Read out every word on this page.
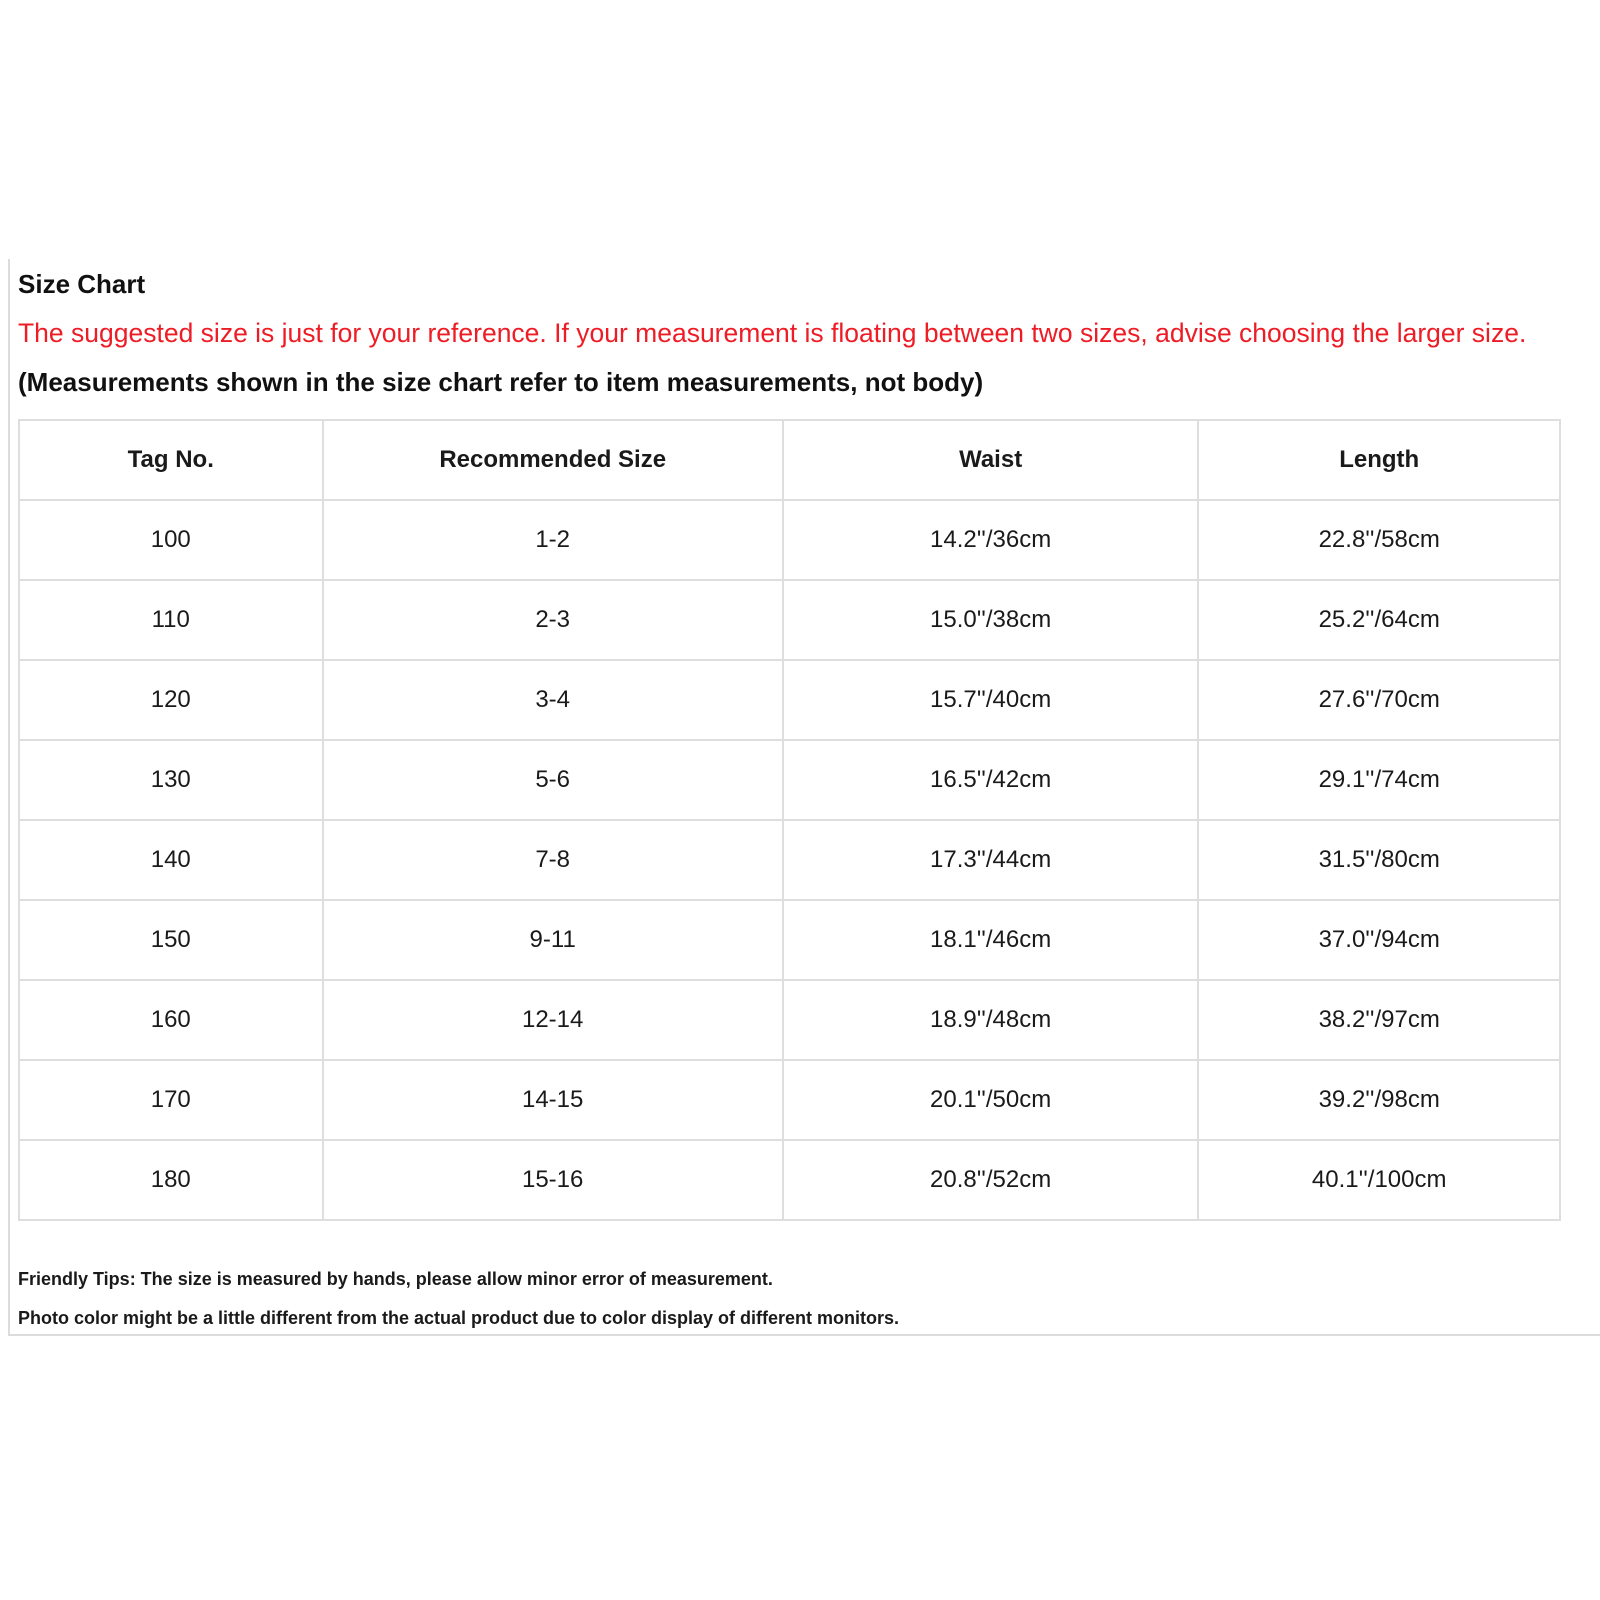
Size Chart

The suggested size is just for your reference. If your measurement is floating between two sizes, advise choosing the larger size.

(Measurements shown in the size chart refer to item measurements, not body)

Tag No.	Recommended Size	Waist	Length
100	1-2	14.2''/36cm	22.8''/58cm
110	2-3	15.0''/38cm	25.2''/64cm
120	3-4	15.7''/40cm	27.6''/70cm
130	5-6	16.5''/42cm	29.1''/74cm
140	7-8	17.3''/44cm	31.5''/80cm
150	9-11	18.1''/46cm	37.0''/94cm
160	12-14	18.9''/48cm	38.2''/97cm
170	14-15	20.1''/50cm	39.2''/98cm
180	15-16	20.8''/52cm	40.1''/100cm

Friendly Tips: The size is measured by hands, please allow minor error of measurement.

Photo color might be a little different from the actual product due to color display of different monitors.
